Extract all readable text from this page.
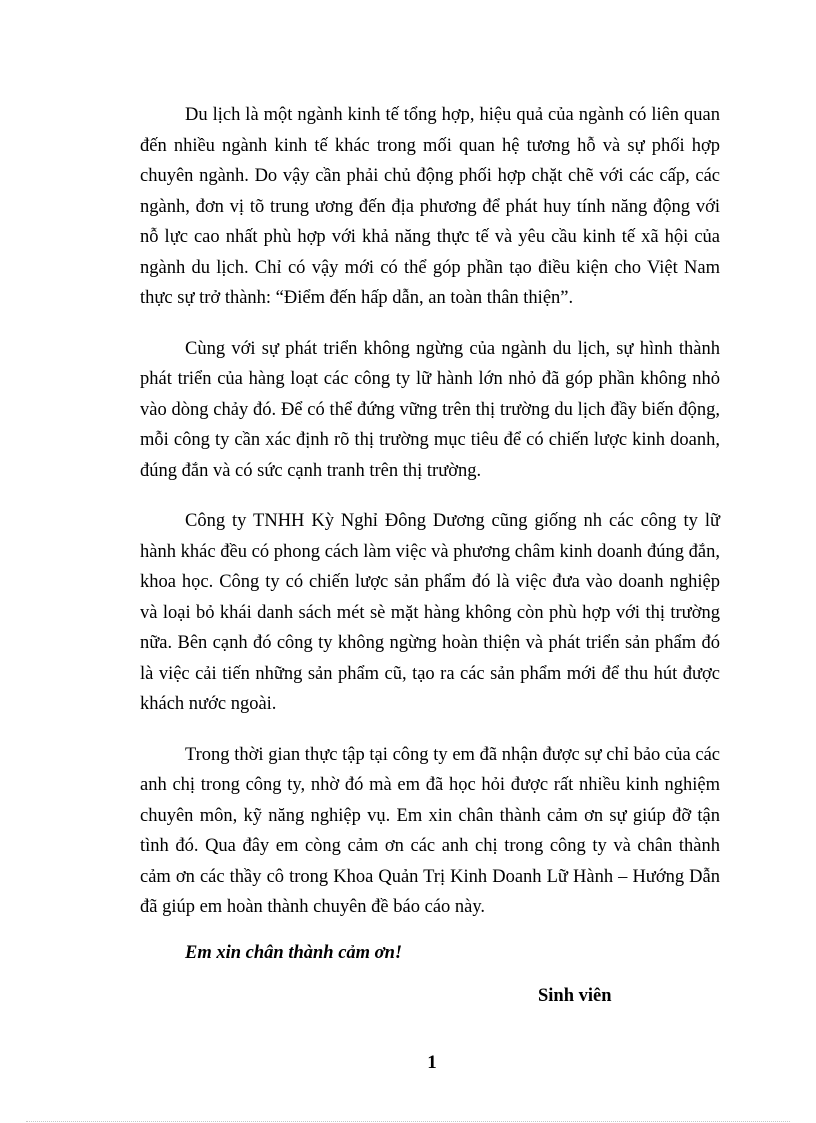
Du lịch là một ngành kinh tế tổng hợp, hiệu quả của ngành có liên quan đến nhiều ngành kinh tế khác trong mối quan hệ tương hỗ và sự phối hợp chuyên ngành. Do vậy cần phải chủ động phối hợp chặt chẽ với các cấp, các ngành, đơn vị tõ trung ương đến địa phương để phát huy tính năng động với nỗ lực cao nhất phù hợp với khả năng thực tế và yêu cầu kinh tế xã hội của ngành du lịch. Chỉ có vậy mới có thể góp phần tạo điều kiện cho Việt Nam thực sự trở thành: “Điểm đến hấp dẫn, an toàn thân thiện”.

Cùng với sự phát triển không ngừng của ngành du lịch, sự hình thành phát triển của hàng loạt các công ty lữ hành lớn nhỏ đã góp phần không nhỏ vào dòng chảy đó. Để có thể đứng vững trên thị trường du lịch đầy biến động, mỗi công ty cần xác định rõ thị trường mục tiêu để có chiến lược kinh doanh, đúng đắn và có sức cạnh tranh trên thị trường.

Công ty TNHH Kỳ Nghỉ Đông Dương cũng giống nh các công ty lữ hành khác đều có phong cách làm việc và phương châm kinh doanh đúng đắn, khoa học. Công ty có chiến lược sản phẩm đó là việc đưa vào doanh nghiệp và loại bỏ khái danh sách mét sè mặt hàng không còn phù hợp với thị trường nữa. Bên cạnh đó công ty không ngừng hoàn thiện và phát triển sản phẩm đó là việc cải tiến những sản phẩm cũ, tạo ra các sản phẩm mới để thu hút được khách nước ngoài.

Trong thời gian thực tập tại công ty em đã nhận được sự chỉ bảo của các anh chị trong công ty, nhờ đó mà em đã học hỏi được rất nhiều kinh nghiệm chuyên môn, kỹ năng nghiệp vụ. Em xin chân thành cảm ơn sự giúp đỡ tận tình đó. Qua đây em còng cảm ơn các anh chị trong công ty và chân thành cảm ơn các thầy cô trong Khoa Quản Trị Kinh Doanh Lữ Hành – Hướng Dẫn đã giúp em hoàn thành chuyên đề báo cáo này.

Em xin chân thành cảm ơn!

Sinh viên

1
